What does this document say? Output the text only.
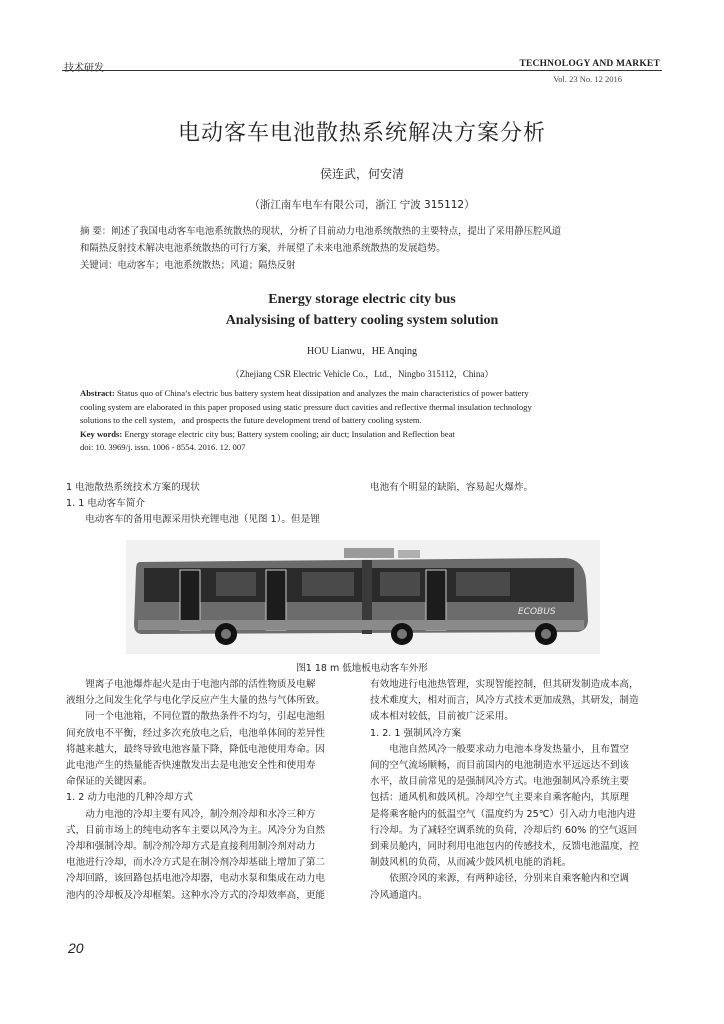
技术研发	TECHNOLOGY AND MARKET
Vol. 23 No. 12 2016
电动客车电池散热系统解决方案分析
侯连武，何安清
（浙江南车电车有限公司，浙江 宁波 315112）
摘 要：阐述了我国电动客车电池系统散热的现状，分析了目前动力电池系统散热的主要特点，提出了采用静压腔风道
和隔热反射技术解决电池系统散热的可行方案，并展望了未来电池系统散热的发展趋势。
关键词：电动客车；电池系统散热；风道；隔热反射
Energy storage electric city bus
Analysising of battery cooling system solution
HOU Lianwu，HE Anqing
（Zhejiang CSR Electric Vehicle Co.，Ltd.，Ningbo 315112，China）
Abstract: Status quo of China’s electric bus battery system heat dissipation and analyzes the main characteristics of power battery
cooling system are elaborated in this paper proposed using static pressure duct cavities and reflective thermal insulation technology
solutions to the cell system，and prospects the future development trend of battery cooling system.
Key words: Energy storage electric city bus; Battery system cooling; air duct; Insulation and Reflection beat
doi: 10. 3969/j. issn. 1006 - 8554. 2016. 12. 007

1 电池散热系统技术方案的现状

1. 1 电动客车简介

电动客车的备用电源采用快充锂电池（见图 1）。但是锂

电池有个明显的缺陷，容易起火爆炸。

ECOBUS
图1 18 m 低地板电动客车外形

锂离子电池爆炸起火是由于电池内部的活性物质及电解

液组分之间发生化学与电化学反应产生大量的热与气体所致。

同一个电池箱，不同位置的散热条件不均匀，引起电池组

间充放电不平衡，经过多次充放电之后，电池单体间的差异性

将越来越大，最终导致电池容量下降，降低电池使用寿命。因

此电池产生的热量能否快速散发出去是电池安全性和使用寿

命保证的关键因素。

1. 2 动力电池的几种冷却方式

动力电池的冷却主要有风冷，制冷剂冷却和水冷三种方

式，目前市场上的纯电动客车主要以风冷为主。风冷分为自然

冷却和强制冷却。制冷剂冷却方式是直接利用制冷剂对动力

电池进行冷却，而水冷方式是在制冷剂冷却基础上增加了第二

冷却回路，该回路包括电池冷却器，电动水泵和集成在动力电

池内的冷却板及冷却框架。这种水冷方式的冷却效率高，更能

有效地进行电池热管理，实现智能控制，但其研发制造成本高，

技术难度大，相对而言，风冷方式技术更加成熟，其研发，制造

成本相对较低，目前被广泛采用。

1. 2. 1 强制风冷方案

电池自然风冷一般要求动力电池本身发热量小，且布置空

间的空气流场顺畅，而目前国内的电池制造水平远远达不到该

水平，故目前常见的是强制风冷方式。电池强制风冷系统主要

包括：通风机和鼓风机。冷却空气主要来自乘客舱内，其原理

是将乘客舱内的低温空气（温度约为 25℃）引入动力电池内进

行冷却。为了减轻空调系统的负荷，冷却后约 60% 的空气返回

到乘员舱内，同时利用电池包内的传感技术，反馈电池温度，控

制鼓风机的负荷，从而减少鼓风机电能的消耗。

依照冷风的来源，有两种途径，分别来自乘客舱内和空调

冷风通道内。

20
